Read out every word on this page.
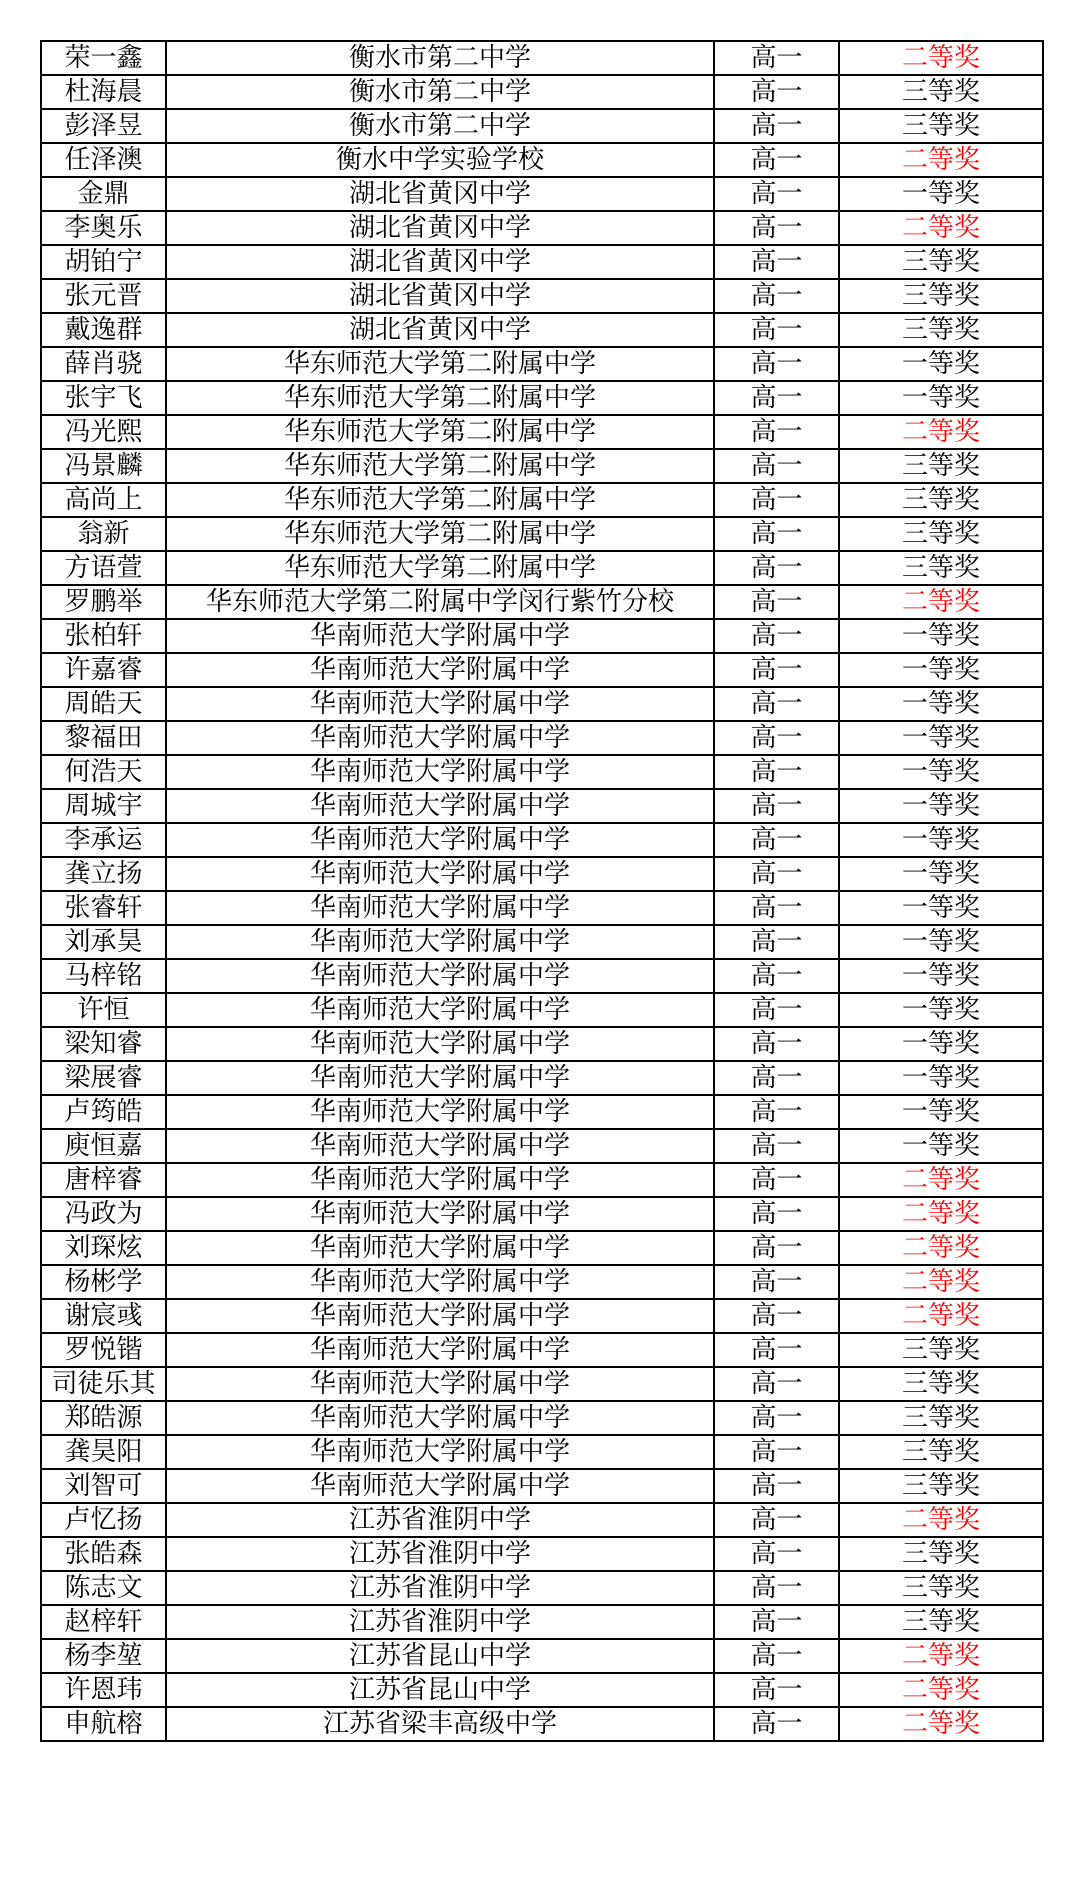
荣一鑫	衡水市第二中学	高一	二等奖
杜海晨	衡水市第二中学	高一	三等奖
彭泽昱	衡水市第二中学	高一	三等奖
任泽澳	衡水中学实验学校	高一	二等奖
金鼎	湖北省黄冈中学	高一	一等奖
李奥乐	湖北省黄冈中学	高一	二等奖
胡铂宁	湖北省黄冈中学	高一	三等奖
张元晋	湖北省黄冈中学	高一	三等奖
戴逸群	湖北省黄冈中学	高一	三等奖
薛肖骁	华东师范大学第二附属中学	高一	一等奖
张宇飞	华东师范大学第二附属中学	高一	一等奖
冯光熙	华东师范大学第二附属中学	高一	二等奖
冯景麟	华东师范大学第二附属中学	高一	三等奖
高尚上	华东师范大学第二附属中学	高一	三等奖
翁新	华东师范大学第二附属中学	高一	三等奖
方语萱	华东师范大学第二附属中学	高一	三等奖
罗鹏举	华东师范大学第二附属中学闵行紫竹分校	高一	二等奖
张柏轩	华南师范大学附属中学	高一	一等奖
许嘉睿	华南师范大学附属中学	高一	一等奖
周皓天	华南师范大学附属中学	高一	一等奖
黎福田	华南师范大学附属中学	高一	一等奖
何浩天	华南师范大学附属中学	高一	一等奖
周城宇	华南师范大学附属中学	高一	一等奖
李承运	华南师范大学附属中学	高一	一等奖
龚立扬	华南师范大学附属中学	高一	一等奖
张睿轩	华南师范大学附属中学	高一	一等奖
刘承昊	华南师范大学附属中学	高一	一等奖
马梓铭	华南师范大学附属中学	高一	一等奖
许恒	华南师范大学附属中学	高一	一等奖
梁知睿	华南师范大学附属中学	高一	一等奖
梁展睿	华南师范大学附属中学	高一	一等奖
卢筠皓	华南师范大学附属中学	高一	一等奖
庾恒嘉	华南师范大学附属中学	高一	一等奖
唐梓睿	华南师范大学附属中学	高一	二等奖
冯政为	华南师范大学附属中学	高一	二等奖
刘琛炫	华南师范大学附属中学	高一	二等奖
杨彬学	华南师范大学附属中学	高一	二等奖
谢宸彧	华南师范大学附属中学	高一	二等奖
罗悦锴	华南师范大学附属中学	高一	三等奖
司徒乐其	华南师范大学附属中学	高一	三等奖
郑皓源	华南师范大学附属中学	高一	三等奖
龚昊阳	华南师范大学附属中学	高一	三等奖
刘智可	华南师范大学附属中学	高一	三等奖
卢忆扬	江苏省淮阴中学	高一	二等奖
张皓森	江苏省淮阴中学	高一	三等奖
陈志文	江苏省淮阴中学	高一	三等奖
赵梓轩	江苏省淮阴中学	高一	三等奖
杨李堃	江苏省昆山中学	高一	二等奖
许恩玮	江苏省昆山中学	高一	二等奖
申航榕	江苏省梁丰高级中学	高一	二等奖
